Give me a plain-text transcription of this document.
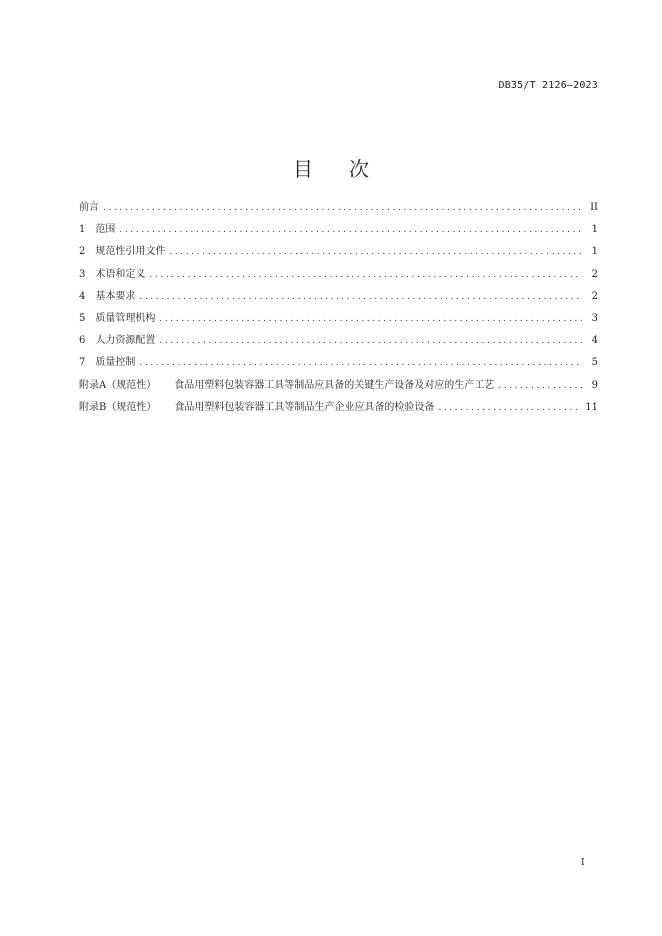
DB35/T 2126—2023
目 次
前言 .....	II
1 范围 .....	1
2 规范性引用文件 .....	1
3 术语和定义 .....	2
4 基本要求 .....	2
5 质量管理机构 .....	3
6 人力资源配置 .....	4
7 质量控制 .....	5
附录A（规范性） 食品用塑料包装容器工具等制品应具备的关键生产设备及对应的生产工艺 .....	9
附录B（规范性） 食品用塑料包装容器工具等制品生产企业应具备的检验设备 .....	11
I
